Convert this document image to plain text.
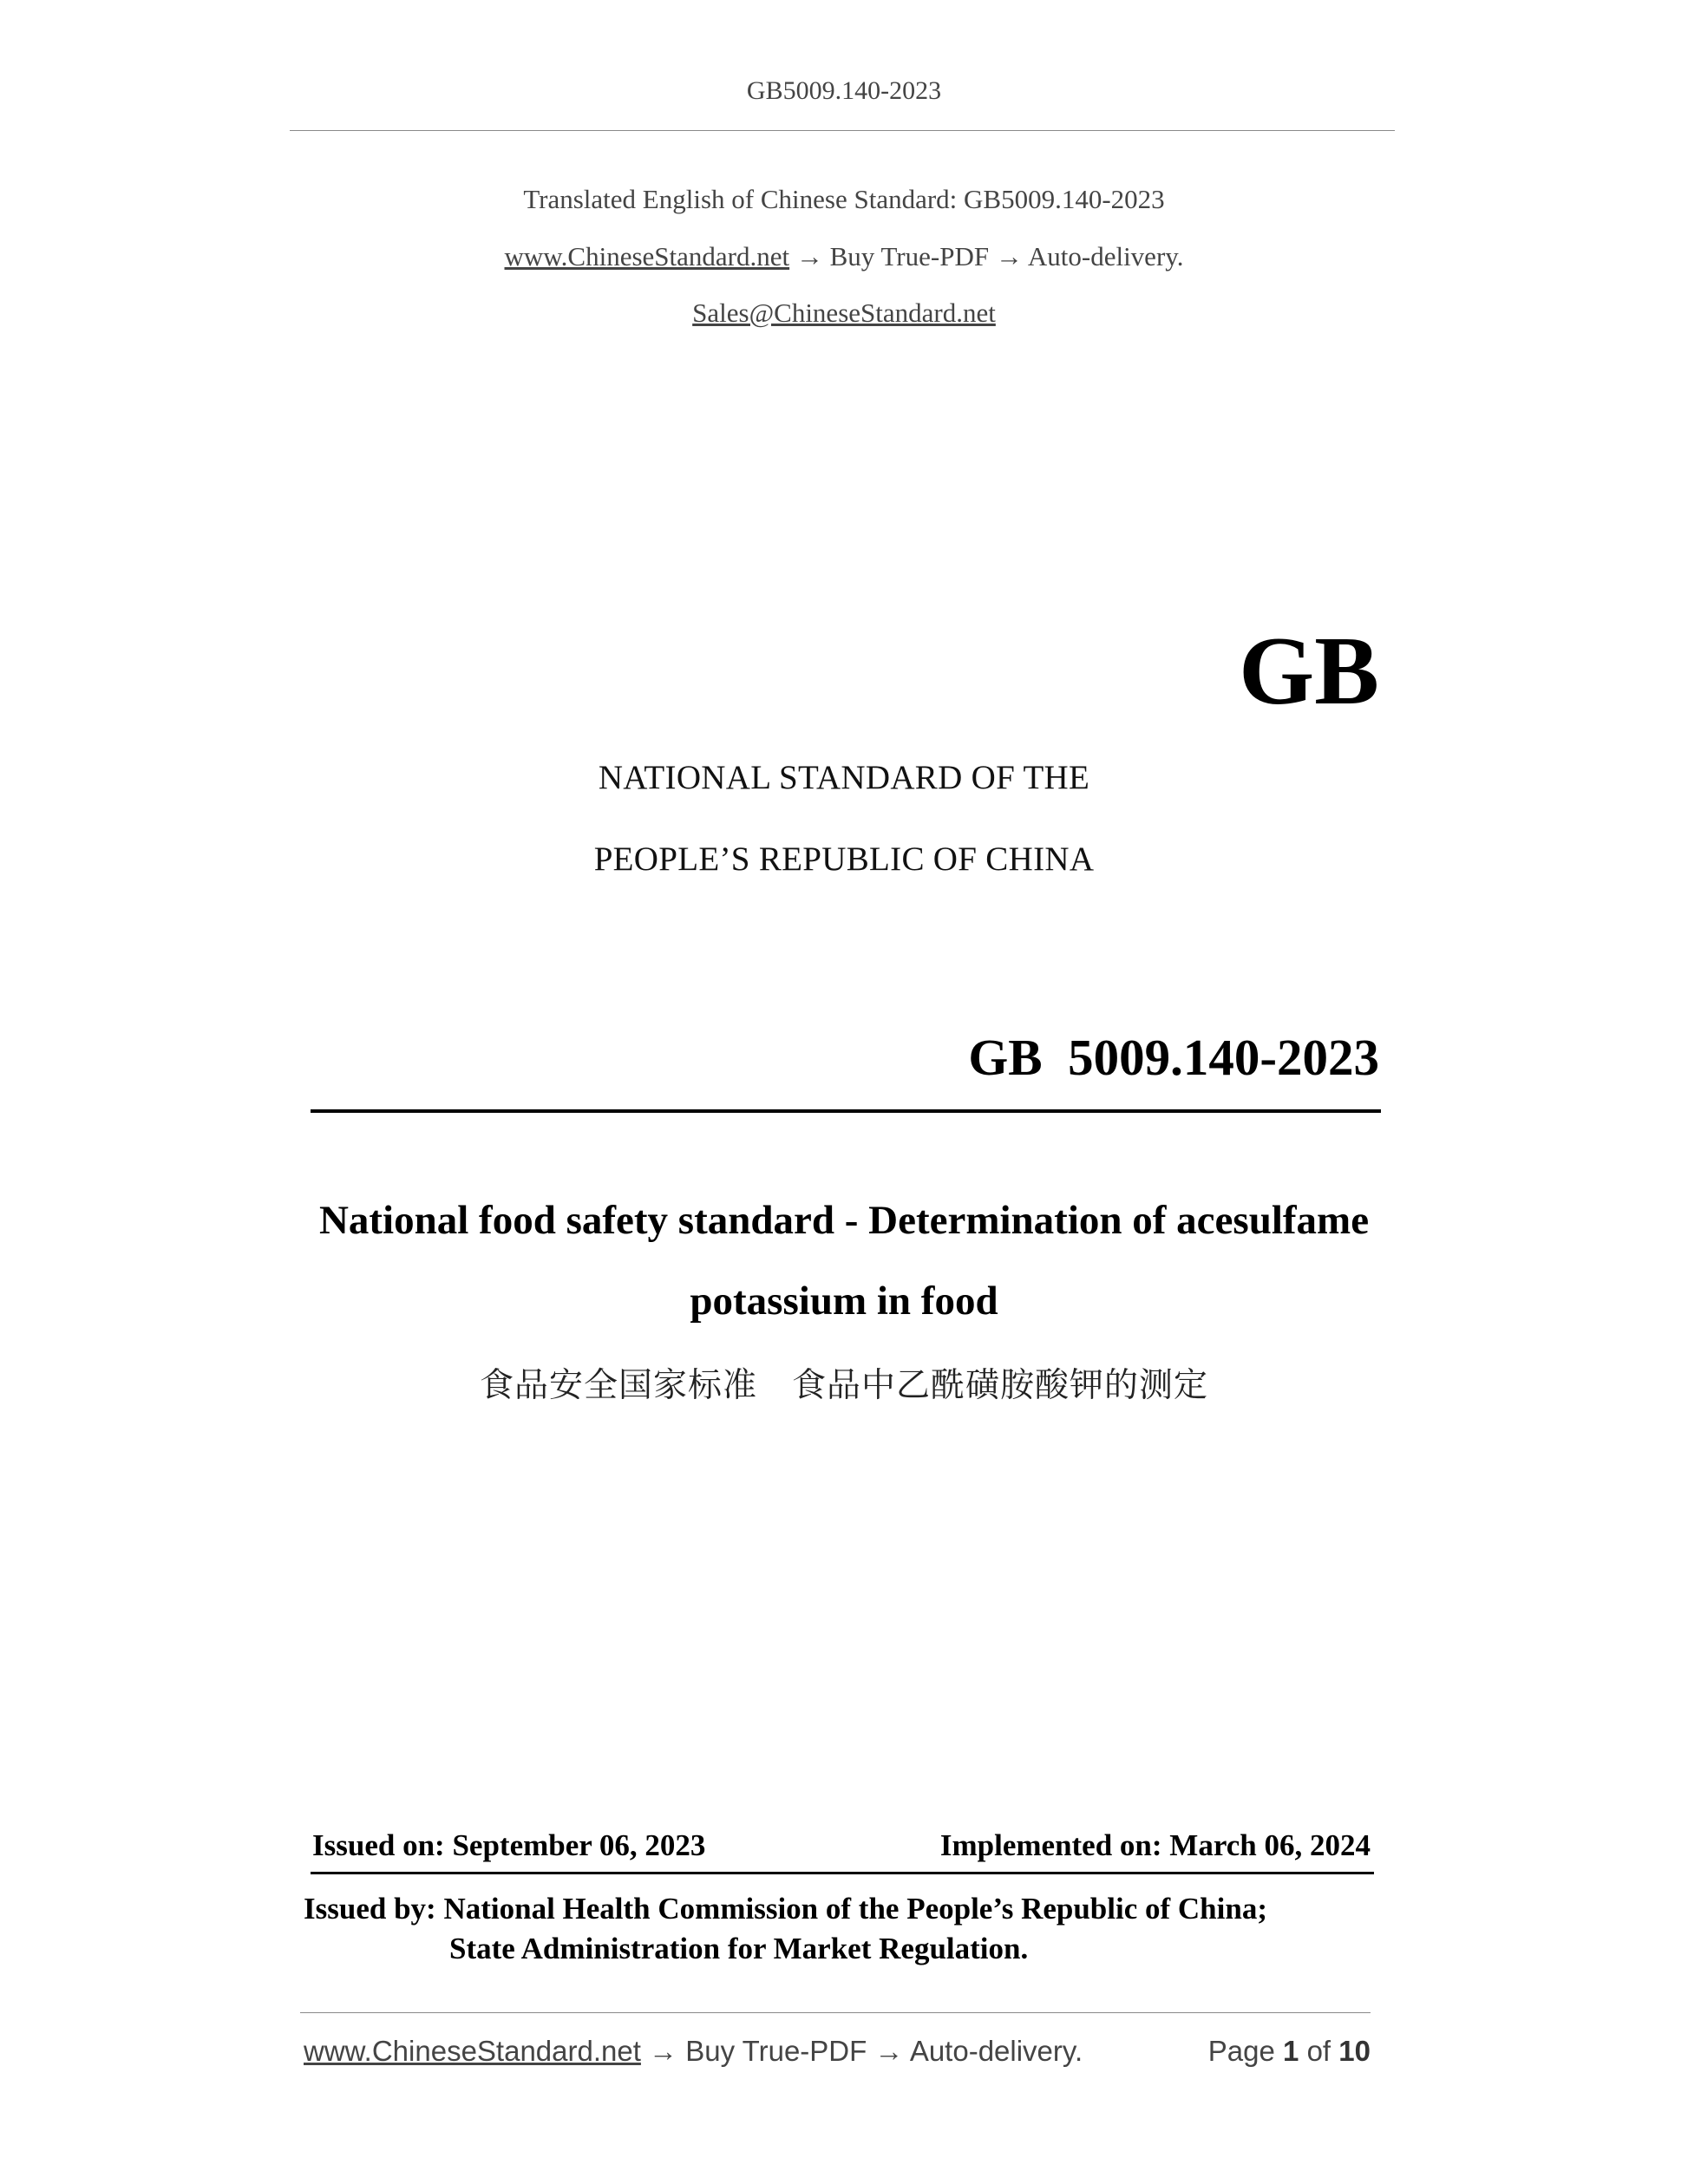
GB5009.140-2023
Translated English of Chinese Standard: GB5009.140-2023
www.ChineseStandard.net → Buy True-PDF → Auto-delivery.
Sales@ChineseStandard.net
GB
NATIONAL STANDARD OF THE
PEOPLE’S REPUBLIC OF CHINA
GB  5009.140-2023
National food safety standard - Determination of acesulfame
potassium in food
食品安全国家标准　食品中乙酰磺胺酸钾的测定
Issued on: September 06, 2023	Implemented on: March 06, 2024
Issued by: National Health Commission of the People’s Republic of China;
State Administration for Market Regulation.
www.ChineseStandard.net → Buy True-PDF → Auto-delivery.	Page 1 of 10
